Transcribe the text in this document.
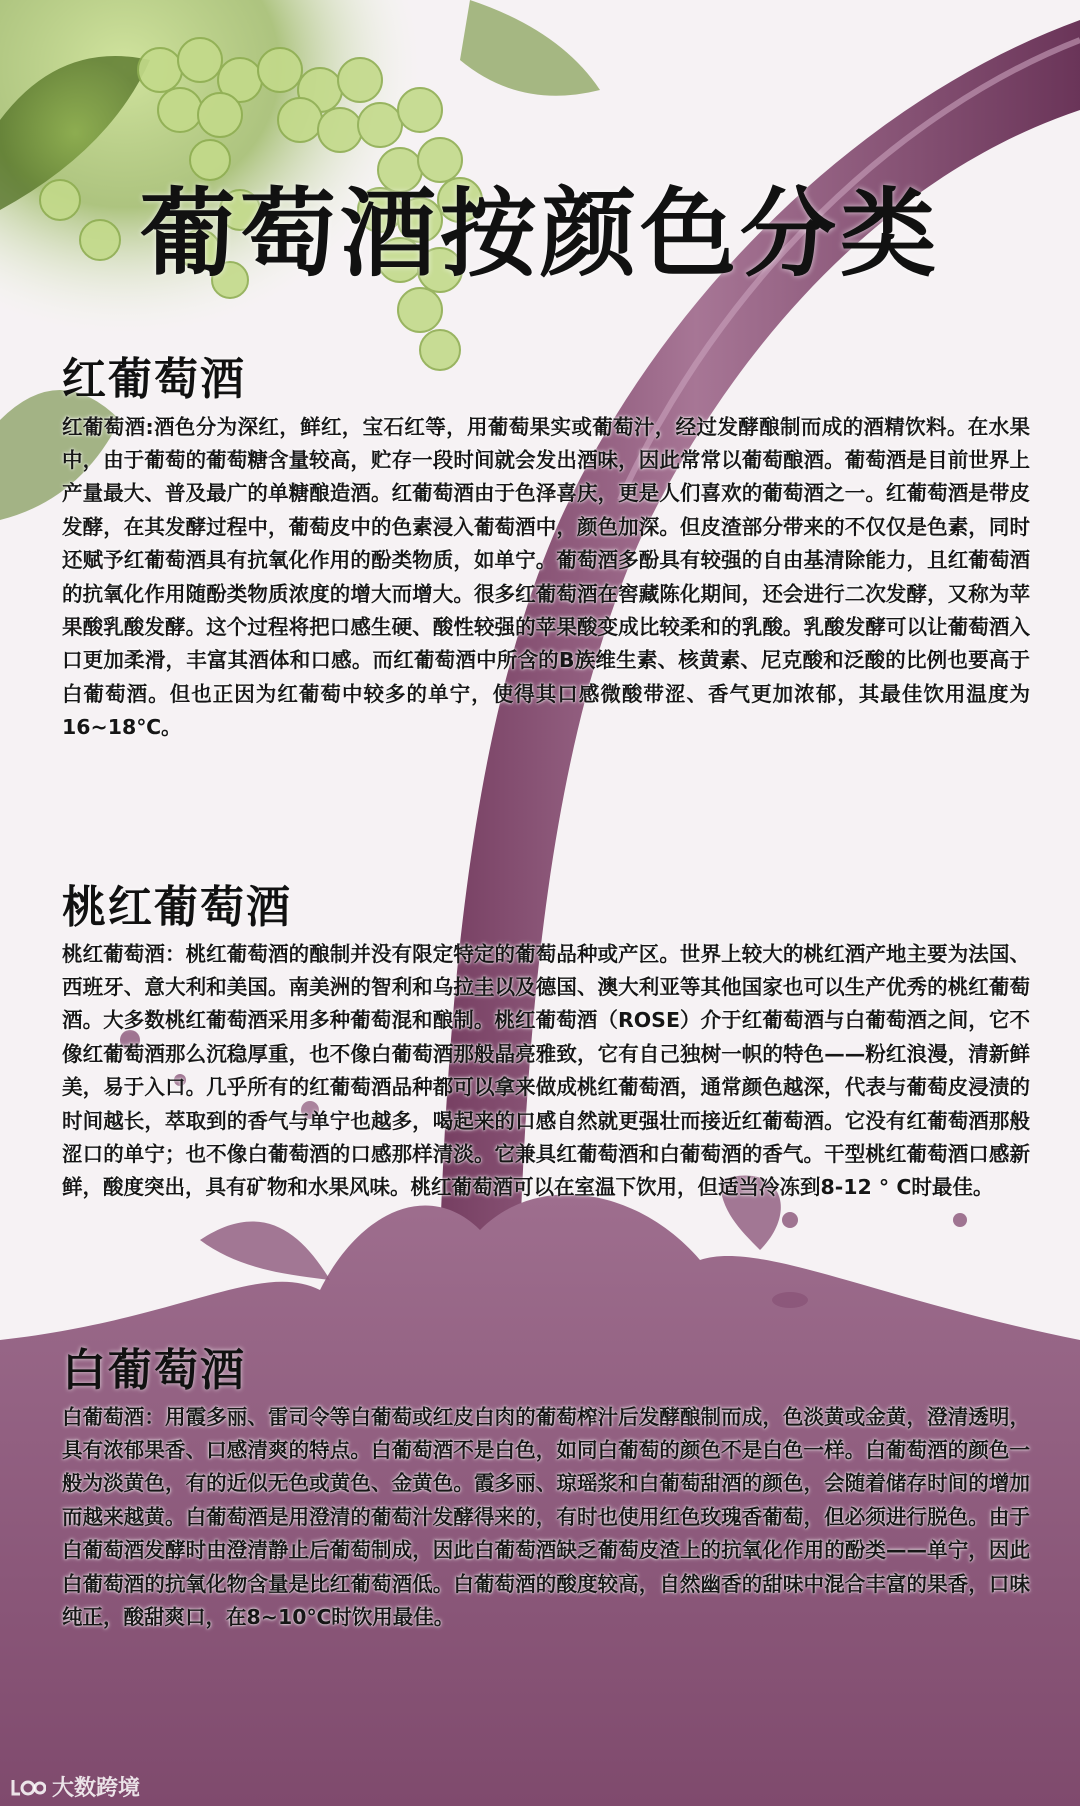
葡萄酒按颜色分类
红葡萄酒

红葡萄酒:酒色分为深红，鲜红，宝石红等，用葡萄果实或葡萄汁，经过发酵酿制而成的酒精饮料。在水果中，由于葡萄的葡萄糖含量较高，贮存一段时间就会发出酒味，因此常常以葡萄酿酒。葡萄酒是目前世界上产量最大、普及最广的单糖酿造酒。红葡萄酒由于色泽喜庆，更是人们喜欢的葡萄酒之一。红葡萄酒是带皮发酵，在其发酵过程中，葡萄皮中的色素浸入葡萄酒中，颜色加深。但皮渣部分带来的不仅仅是色素，同时还赋予红葡萄酒具有抗氧化作用的酚类物质，如单宁。葡萄酒多酚具有较强的自由基清除能力，且红葡萄酒的抗氧化作用随酚类物质浓度的增大而增大。很多红葡萄酒在窖藏陈化期间，还会进行二次发酵，又称为苹果酸乳酸发酵。这个过程将把口感生硬、酸性较强的苹果酸变成比较柔和的乳酸。乳酸发酵可以让葡萄酒入口更加柔滑，丰富其酒体和口感。而红葡萄酒中所含的B族维生素、核黄素、尼克酸和泛酸的比例也要高于白葡萄酒。但也正因为红葡萄中较多的单宁，使得其口感微酸带涩、香气更加浓郁，其最佳饮用温度为16~18℃。

桃红葡萄酒

桃红葡萄酒：桃红葡萄酒的酿制并没有限定特定的葡萄品种或产区。世界上较大的桃红酒产地主要为法国、西班牙、意大利和美国。南美洲的智利和乌拉圭以及德国、澳大利亚等其他国家也可以生产优秀的桃红葡萄酒。大多数桃红葡萄酒采用多种葡萄混和酿制。桃红葡萄酒（ROSE）介于红葡萄酒与白葡萄酒之间，它不像红葡萄酒那么沉稳厚重，也不像白葡萄酒那般晶亮雅致，它有自己独树一帜的特色——粉红浪漫，清新鲜美，易于入口。几乎所有的红葡萄酒品种都可以拿来做成桃红葡萄酒，通常颜色越深，代表与葡萄皮浸渍的时间越长，萃取到的香气与单宁也越多，喝起来的口感自然就更强壮而接近红葡萄酒。它没有红葡萄酒那般涩口的单宁；也不像白葡萄酒的口感那样清淡。它兼具红葡萄酒和白葡萄酒的香气。干型桃红葡萄酒口感新鲜，酸度突出，具有矿物和水果风味。桃红葡萄酒可以在室温下饮用，但适当冷冻到8-12 ° C时最佳。

白葡萄酒

白葡萄酒：用霞多丽、雷司令等白葡萄或红皮白肉的葡萄榨汁后发酵酿制而成，色淡黄或金黄，澄清透明，具有浓郁果香、口感清爽的特点。白葡萄酒不是白色，如同白葡萄的颜色不是白色一样。白葡萄酒的颜色一般为淡黄色，有的近似无色或黄色、金黄色。霞多丽、琼瑶浆和白葡萄甜酒的颜色，会随着储存时间的增加而越来越黄。白葡萄酒是用澄清的葡萄汁发酵得来的，有时也使用红色玫瑰香葡萄，但必须进行脱色。由于白葡萄酒发酵时由澄清静止后葡萄制成，因此白葡萄酒缺乏葡萄皮渣上的抗氧化作用的酚类——单宁，因此白葡萄酒的抗氧化物含量是比红葡萄酒低。白葡萄酒的酸度较高，自然幽香的甜味中混合丰富的果香，口味纯正，酸甜爽口，在8~10℃时饮用最佳。

大数跨境
